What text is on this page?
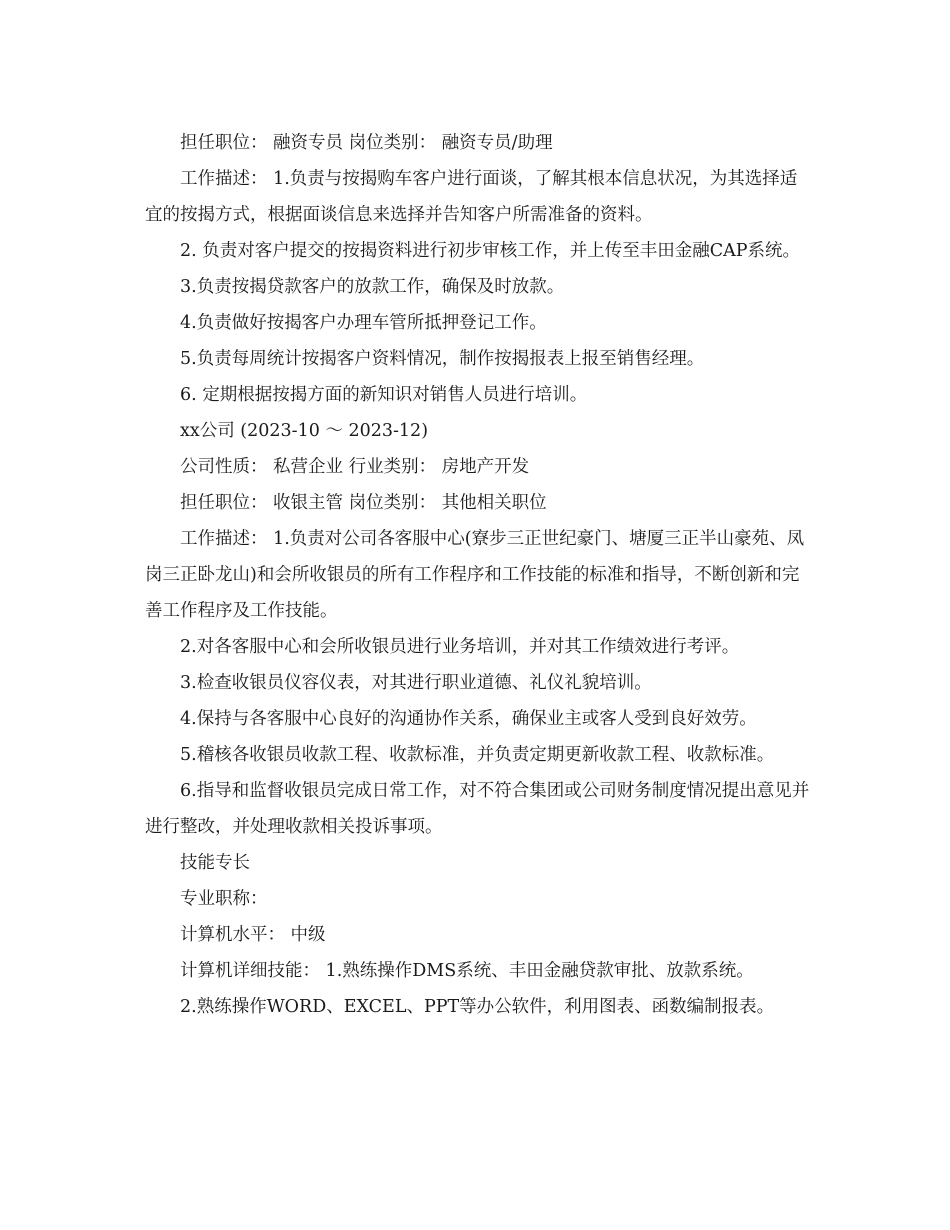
担任职位： 融资专员 岗位类别： 融资专员/助理

工作描述： 1.负责与按揭购车客户进行面谈，了解其根本信息状况，为其选择适宜的按揭方式，根据面谈信息来选择并告知客户所需准备的资料。

2. 负责对客户提交的按揭资料进行初步审核工作，并上传至丰田金融CAP系统。

3.负责按揭贷款客户的放款工作，确保及时放款。

4.负责做好按揭客户办理车管所抵押登记工作。

5.负责每周统计按揭客户资料情况，制作按揭报表上报至销售经理。

6. 定期根据按揭方面的新知识对销售人员进行培训。

xx公司 (2023-10 ～ 2023-12)

公司性质： 私营企业 行业类别： 房地产开发

担任职位： 收银主管 岗位类别： 其他相关职位

工作描述： 1.负责对公司各客服中心(寮步三正世纪豪门、塘厦三正半山豪苑、凤岗三正卧龙山)和会所收银员的所有工作程序和工作技能的标准和指导，不断创新和完善工作程序及工作技能。

2.对各客服中心和会所收银员进行业务培训，并对其工作绩效进行考评。

3.检查收银员仪容仪表，对其进行职业道德、礼仪礼貌培训。

4.保持与各客服中心良好的沟通协作关系，确保业主或客人受到良好效劳。

5.稽核各收银员收款工程、收款标准，并负责定期更新收款工程、收款标准。

6.指导和监督收银员完成日常工作，对不符合集团或公司财务制度情况提出意见并进行整改，并处理收款相关投诉事项。

技能专长

专业职称：

计算机水平： 中级

计算机详细技能： 1.熟练操作DMS系统、丰田金融贷款审批、放款系统。

2.熟练操作WORD、EXCEL、PPT等办公软件，利用图表、函数编制报表。
